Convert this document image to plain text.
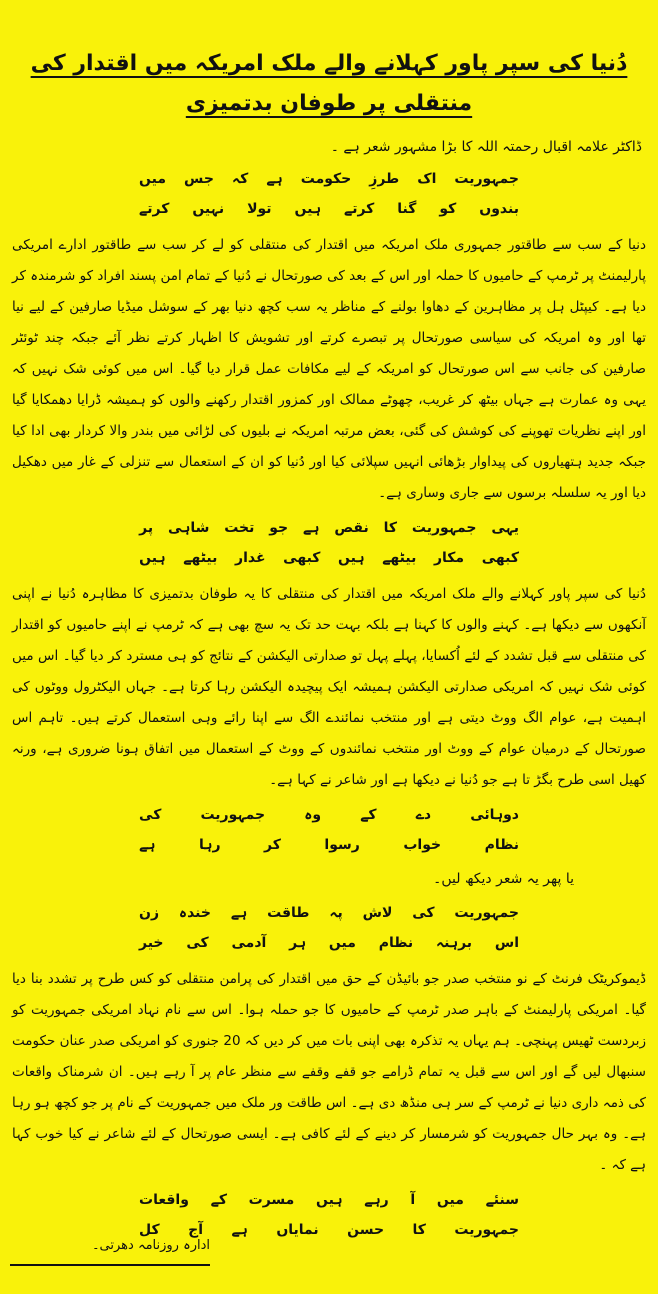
دُنیا کی سپر پاور کہلانے والے ملک امریکہ میں اقتدار کی منتقلی پر طوفان بدتمیزی

ڈاکٹر علامہ اقبال رحمتہ اللہ کا بڑا مشہور شعر ہے ۔

جمہوریت
اک
طرزِ
حکومت
ہے
کہ
جس
میں
بندوں
کو
گنا
کرتے
ہیں
تولا
نہیں
کرتے

دنیا کے سب سے طاقتور جمہوری ملک امریکہ میں اقتدار کی منتقلی کو لے کر سب سے طاقتور ادارے امریکی پارلیمنٹ پر ٹرمپ کے حامیوں کا حملہ اور اس کے بعد کی صورتحال نے دُنیا کے تمام امن پسند افراد کو شرمندہ کر دیا ہے۔ کیپٹل ہل پر مظاہرین کے دھاوا بولنے کے مناظر یہ سب کچھ دنیا بھر کے سوشل میڈیا صارفین کے لیے نیا تھا اور وہ امریکہ کی سیاسی صورتحال پر تبصرے کرتے اور تشویش کا اظہار کرتے نظر آئے جبکہ چند ٹوئٹر صارفین کی جانب سے اس صورتحال کو امریکہ کے لیے مکافات عمل قرار دیا گیا۔ اس میں کوئی شک نہیں کہ یہی وہ عمارت ہے جہاں بیٹھ کر غریب، چھوٹے ممالک اور کمزور اقتدار رکھنے والوں کو ہمیشہ ڈرایا دھمکایا گیا اور اپنے نظریات تھوپنے کی کوشش کی گئی، بعض مرتبہ امریکہ نے بلیوں کی لڑائی میں بندر والا کردار بھی ادا کیا جبکہ جدید ہتھیاروں کی پیداوار بڑھائی انہیں سپلائی کیا اور دُنیا کو ان کے استعمال سے تنزلی کے غار میں دھکیل دیا اور یہ سلسلہ برسوں سے جاری وساری ہے۔

یہی
جمہوریت
کا
نقص
ہے
جو
تخت
شاہی
پر
کبھی
مکار
بیٹھے
ہیں
کبھی
غدار
بیٹھے
ہیں

دُنیا کی سپر پاور کہلانے والے ملک امریکہ میں اقتدار کی منتقلی کا یہ طوفان بدتمیزی کا مظاہرہ دُنیا نے اپنی آنکھوں سے دیکھا ہے۔ کہنے والوں کا کہنا ہے بلکہ بہت حد تک یہ سچ بھی ہے کہ ٹرمپ نے اپنے حامیوں کو اقتدار کی منتقلی سے قبل تشدد کے لئے اُکسایا، پہلے پہل تو صدارتی الیکشن کے نتائج کو ہی مسترد کر دیا گیا۔ اس میں کوئی شک نہیں کہ امریکی صدارتی الیکشن ہمیشہ ایک پیچیدہ الیکشن رہا کرتا ہے۔ جہاں الیکٹرول ووٹوں کی اہمیت ہے، عوام الگ ووٹ دیتی ہے اور منتخب نمائندے الگ سے اپنا رائے وہی استعمال کرتے ہیں۔ تاہم اس صورتحال کے درمیان عوام کے ووٹ اور منتخب نمائندوں کے ووٹ کے استعمال میں اتفاق ہونا ضروری ہے، ورنہ کھیل اسی طرح بگڑ تا ہے جو دُنیا نے دیکھا ہے اور شاعر نے کہا ہے۔

دوہائی
دے
کے
وہ
جمہوریت
کی
نظام
خواب
رسوا
کر
رہا
ہے

یا پھر یہ شعر دیکھ لیں۔

جمہوریت
کی
لاش
پہ
طاقت
ہے
خندہ
زن
اس
برہنہ
نظام
میں
ہر
آدمی
کی
خیر

ڈیموکریٹک فرنٹ کے نو منتخب صدر جو بائیڈن کے حق میں اقتدار کی پرامن منتقلی کو کس طرح پر تشدد بنا دیا گیا۔ امریکی پارلیمنٹ کے باہر صدر ٹرمپ کے حامیوں کا جو حملہ ہوا۔ اس سے نام نہاد امریکی جمہوریت کو زبردست ٹھیس پہنچی۔ ہم یہاں یہ تذکرہ بھی اپنی بات میں کر دیں کہ 20 جنوری کو امریکی صدر عنان حکومت سنبھال لیں گے اور اس سے قبل یہ تمام ڈرامے جو قفے وقفے سے منظر عام پر آ رہے ہیں۔ ان شرمناک واقعات کی ذمہ داری دنیا نے ٹرمپ کے سر ہی منڈھ دی ہے۔ اس طاقت ور ملک میں جمہوریت کے نام پر جو کچھ ہو رہا ہے۔ وہ بہر حال جمہوریت کو شرمسار کر دینے کے لئے کافی ہے۔ ایسی صورتحال کے لئے شاعر نے کیا خوب کہا ہے کہ ۔

سنئے
میں
آ
رہے
ہیں
مسرت
کے
واقعات
جمہوریت
کا
حسن
نمایاں
ہے
آج
کل
ادارہ روزنامہ دھرتی۔
